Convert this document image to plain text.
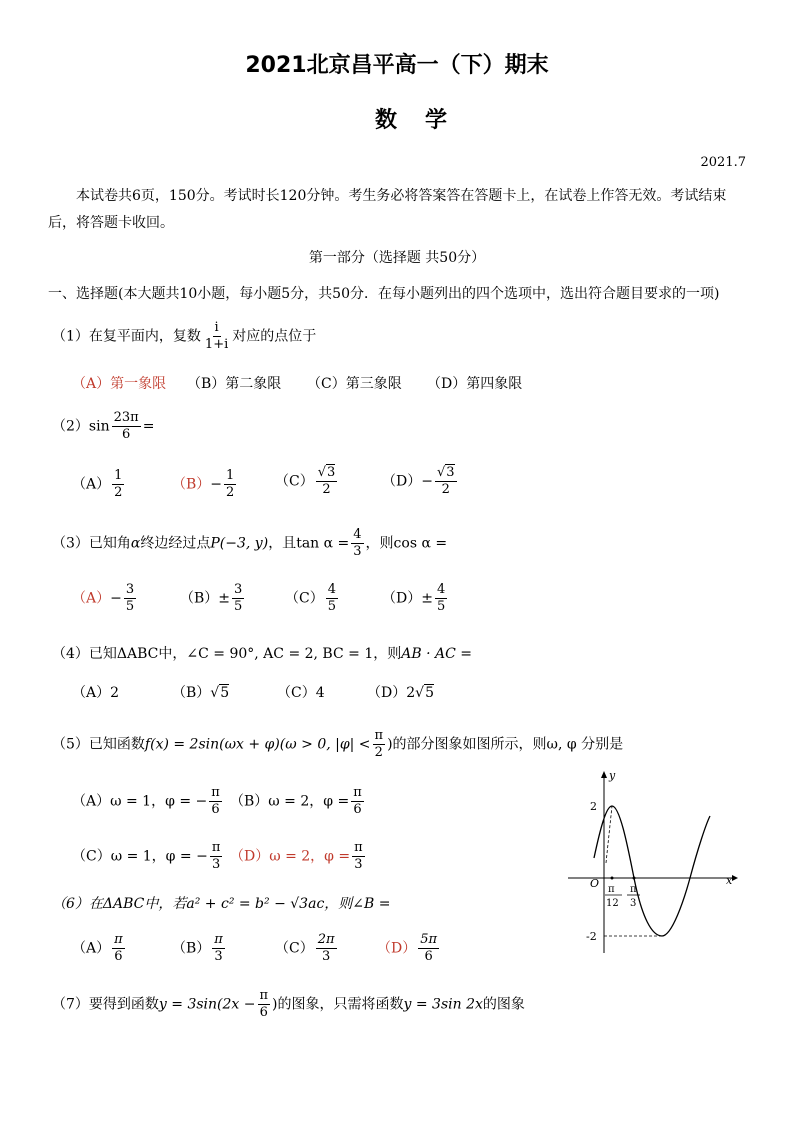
2021北京昌平高一（下）期末
数学
2021.7
本试卷共6页，150分。考试时长120分钟。考生务必将答案答在答题卡上，在试卷上作答无效。考试结束后，将答题卡收回。
第一部分（选择题 共50分）
一、选择题(本大题共10小题，每小题5分，共50分．在每小题列出的四个选项中，选出符合题目要求的一项)
（1）在复平面内，复数 $\frac{i}{1+i}$ 对应的点位于
（A）第一象限 （B）第二象限 （C）第三象限 （D）第四象限
$(2)\sin \frac{23\pi}{6}$ =
$(A) \frac{1}{2}$	$(B)- \frac{1}{2}$	$(C) \frac{√3}{2}$	$(D)- \frac{√3}{2}$
（3）已知角α终边经过点P(−3, y)，且$\tan \alpha = \frac{4}{3}$ ，则cos α =
$(A)- \frac{3}{5}$	$(B)\pm \frac{3}{5}$	$(C) \frac{4}{5}$	$(D)\pm \frac{4}{5}$
（4）已知ΔABC中，∠C = 90°, AC = 2, BC = 1，则AB · AC =
（A）2	（B）√5	（C）4	（D）2√5
（5）已知函数f(x) = 2sin(ωx + φ)(ω > 0, $|\varphi| < \frac{\pi}{2}$ )的部分图象如图所示，则ω, φ 分别是
（A）ω = 1，φ = − $\frac{\pi}{6} (B)\omega = 2$，$\varphi = \frac{\pi}{6}$
（C）ω = 1，φ = − $\frac{\pi}{3} (D)\omega = 2$，$\varphi = \frac{\pi}{3}$
（6）在ΔABC中，若a² + c² = b² − √3ac，则∠B =
$(A) \frac{\pi}{6}$	$(B) \frac{\pi}{3}$	$(C) \frac{2\pi}{3}$	$(D) \frac{5\pi}{6}$
（7）要得到函数$y = 3\sin(2x - \frac{\pi}{6}$ )的图象，只需将函数y = 3sin 2x的图象
y
x
O
2
-2
π
12
π
3
